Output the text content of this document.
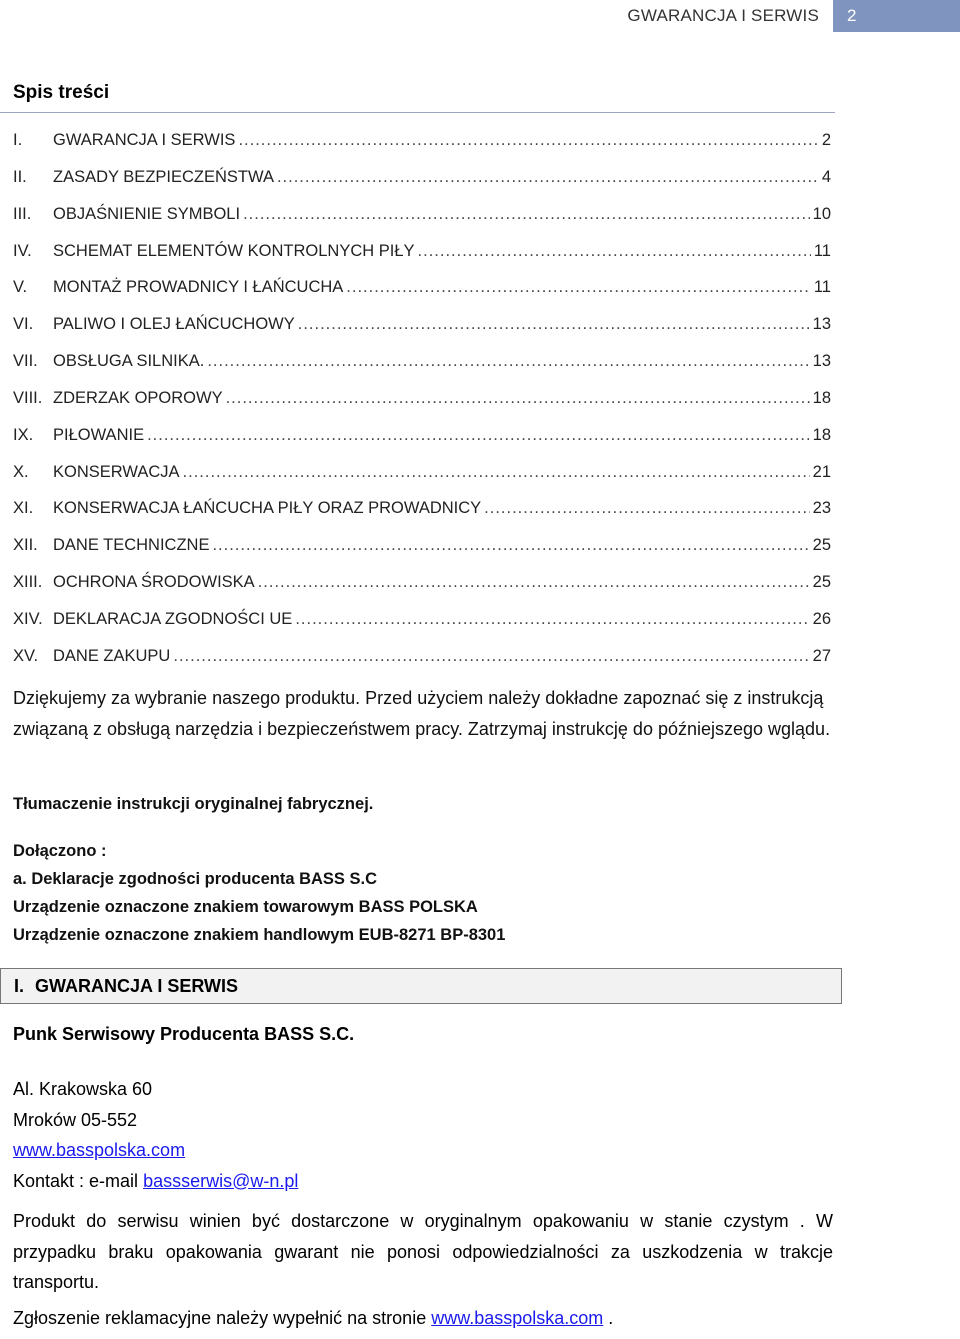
GWARANCJA I SERWIS	2
Spis treści
I.	GWARANCJA I SERWIS .....	2
II.	ZASADY BEZPIECZEŃSTWA .....	4
III.	OBJAŚNIENIE SYMBOLI .....	10
IV.	SCHEMAT ELEMENTÓW KONTROLNYCH PIŁY .....	11
V.	MONTAŻ PROWADNICY I ŁAŃCUCHA .....	11
VI.	PALIWO I OLEJ ŁAŃCUCHOWY .....	13
VII. OBSŁUGA SILNIKA. .....	13
VIII. ZDERZAK OPOROWY .....	18
IX.	PIŁOWANIE .....	18
X.	KONSERWACJA .....	21
XI.	KONSERWACJA ŁAŃCUCHA PIŁY ORAZ PROWADNICY .....	23
XII. DANE TECHNICZNE .....	25
XIII. OCHRONA ŚRODOWISKA .....	25
XIV. DEKLARACJA ZGODNOŚCI UE .....	26
XV. DANE ZAKUPU .....	27
Dziękujemy za wybranie naszego produktu. Przed użyciem należy dokładne zapoznać się z instrukcją związaną z obsługą narzędzia i bezpieczeństwem pracy. Zatrzymaj instrukcję do późniejszego wglądu.
Tłumaczenie instrukcji oryginalnej fabrycznej.
Dołączono :
a. Deklaracje zgodności producenta BASS S.C
Urządzenie oznaczone znakiem towarowym BASS POLSKA
Urządzenie oznaczone znakiem handlowym EUB-8271 BP-8301
I. GWARANCJA I SERWIS
Punk Serwisowy Producenta BASS S.C.
Al. Krakowska 60
Mroków 05-552
www.basspolska.com
Kontakt : e-mail bassserwis@w-n.pl
Produkt do serwisu winien być dostarczone w oryginalnym opakowaniu w stanie czystym . W przypadku braku opakowania gwarant nie ponosi odpowiedzialności za uszkodzenia w trakcje transportu.
Zgłoszenie reklamacyjne należy wypełnić na stronie www.basspolska.com .
